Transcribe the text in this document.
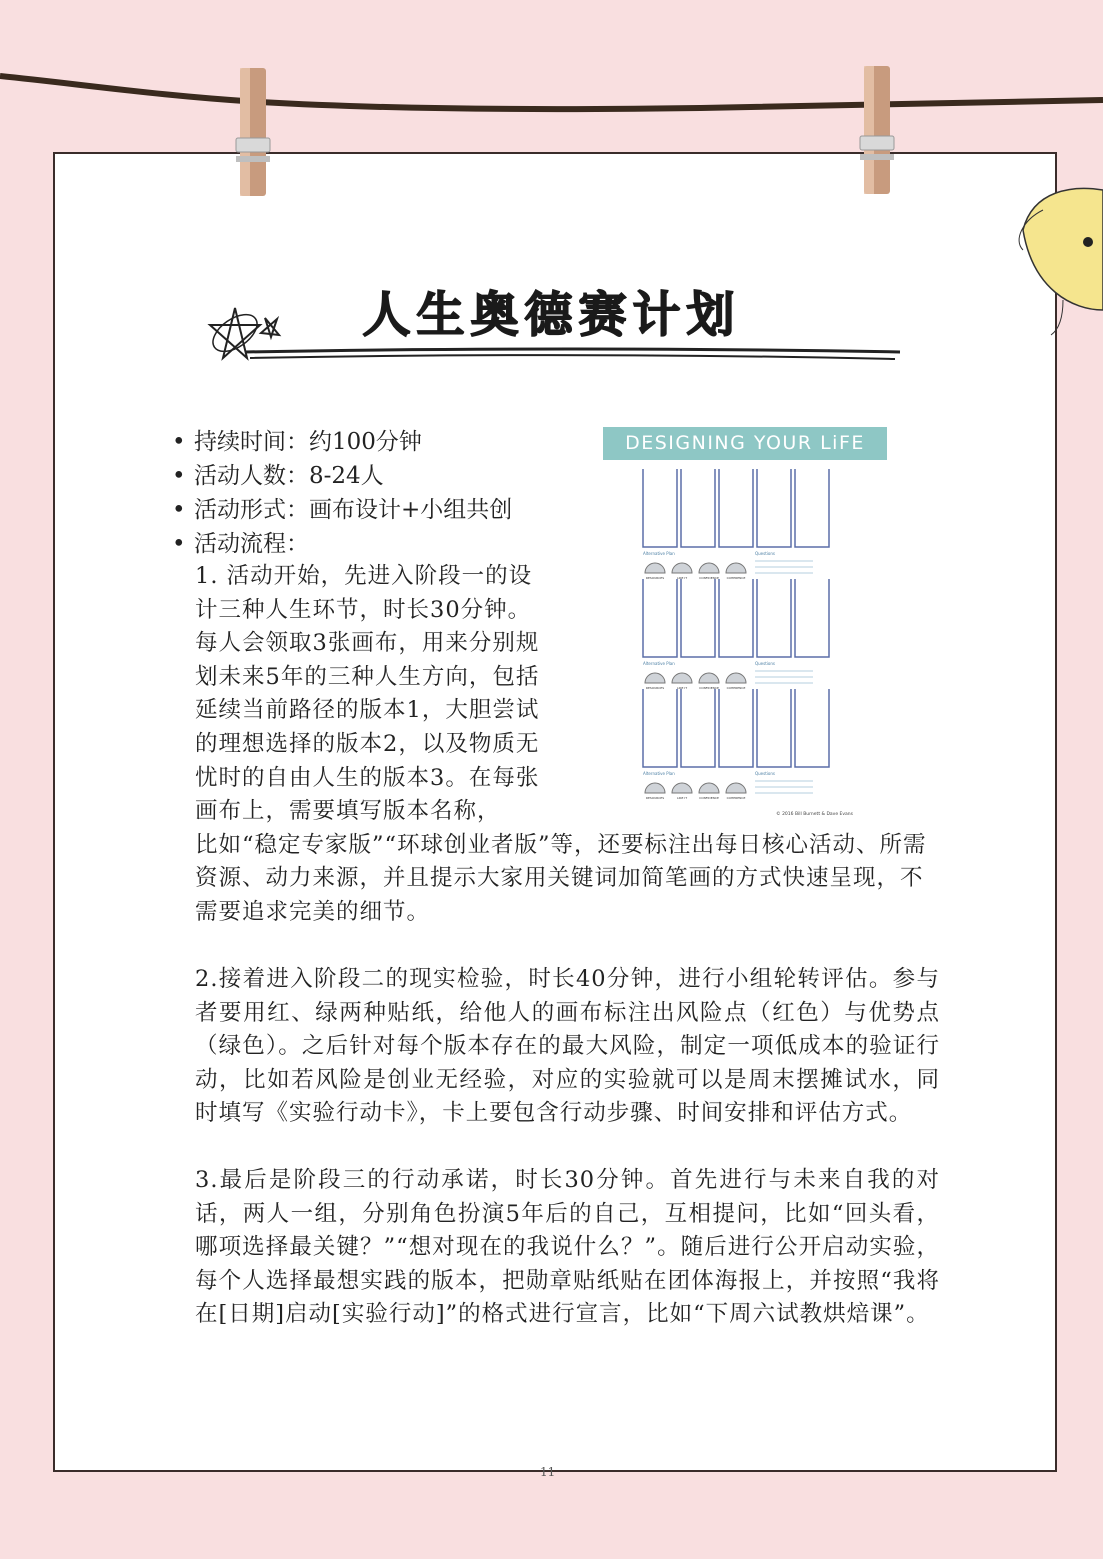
人生奥德赛计划
• 持续时间：约100分钟
• 活动人数：8-24人
• 活动形式：画布设计+小组共创
• 活动流程：
DESIGNING YOUR LiFE
Alternative Plan
RESOURCES	LIKE IT	CONFIDENCE	COHERENCE
Questions
Alternative Plan
RESOURCES	LIKE IT	CONFIDENCE	COHERENCE
Questions
Alternative Plan
RESOURCES	LIKE IT	CONFIDENCE	COHERENCE
Questions
© 2016 Bill Burnett & Dave Evans
1. 活动开始，先进入阶段一的设计三种人生环节，时长30分钟。每人会领取3张画布，用来分别规划未来5年的三种人生方向，包括延续当前路径的版本1，大胆尝试的理想选择的版本2，以及物质无忧时的自由人生的版本3。在每张画布上，需要填写版本名称，
比如“稳定专家版”“环球创业者版”等，还要标注出每日核心活动、所需资源、动力来源，并且提示大家用关键词加简笔画的方式快速呈现，不需要追求完美的细节。

2.接着进入阶段二的现实检验，时长40分钟，进行小组轮转评估。参与者要用红、绿两种贴纸，给他人的画布标注出风险点（红色）与优势点（绿色）。之后针对每个版本存在的最大风险，制定一项低成本的验证行动，比如若风险是创业无经验，对应的实验就可以是周末摆摊试水，同时填写《实验行动卡》，卡上要包含行动步骤、时间安排和评估方式。

3.最后是阶段三的行动承诺，时长30分钟。首先进行与未来自我的对话，两人一组，分别角色扮演5年后的自己，互相提问，比如“回头看，哪项选择最关键？”“想对现在的我说什么？”。随后进行公开启动实验，每个人选择最想实践的版本，把勋章贴纸贴在团体海报上，并按照“我将在[日期]启动[实验行动]”的格式进行宣言，比如“下周六试教烘焙课”。

11
